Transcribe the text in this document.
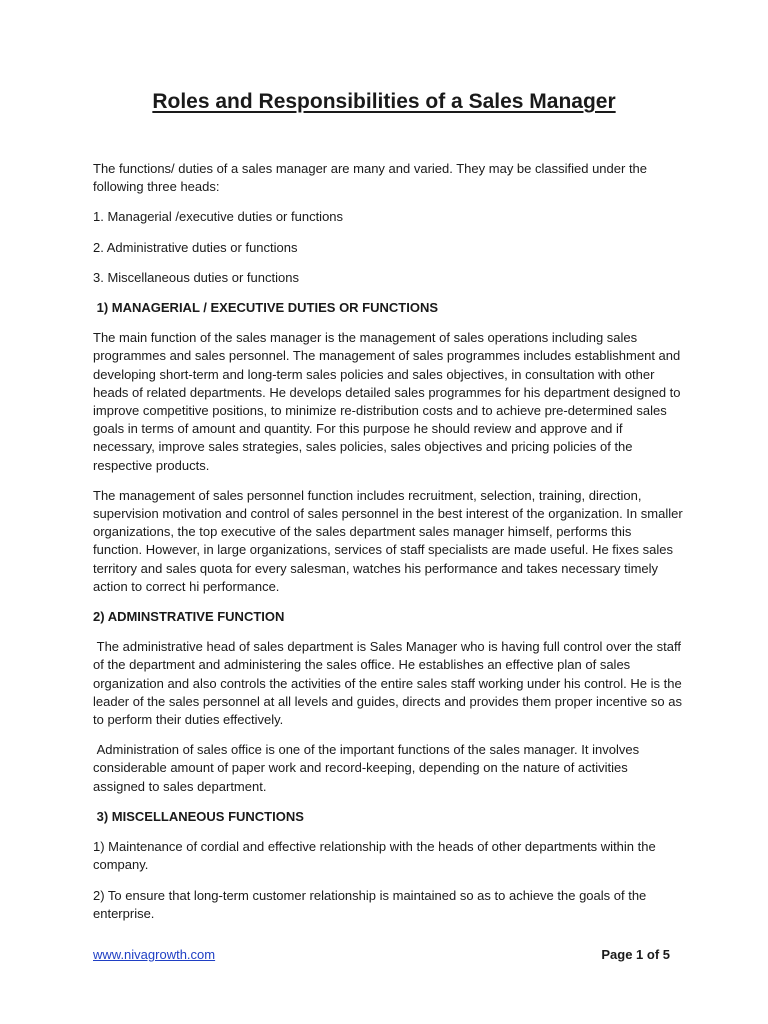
Roles and Responsibilities of a Sales Manager

The functions/ duties of a sales manager are many and varied. They may be classified under the following three heads:

1. Managerial /executive duties or functions

2. Administrative duties or functions

3. Miscellaneous duties or functions

1) MANAGERIAL / EXECUTIVE DUTIES OR FUNCTIONS

The main function of the sales manager is the management of sales operations including sales programmes and sales personnel. The management of sales programmes includes establishment and developing short-term and long-term sales policies and sales objectives, in consultation with other heads of related departments. He develops detailed sales programmes for his department designed to improve competitive positions, to minimize re-distribution costs and to achieve pre-determined sales goals in terms of amount and quantity. For this purpose he should review and approve and if necessary, improve sales strategies, sales policies, sales objectives and pricing policies of the respective products.

The management of sales personnel function includes recruitment, selection, training, direction, supervision motivation and control of sales personnel in the best interest of the organization. In smaller organizations, the top executive of the sales department sales manager himself, performs this function. However, in large organizations, services of staff specialists are made useful. He fixes sales territory and sales quota for every salesman, watches his performance and takes necessary timely action to correct hi performance.

2) ADMINSTRATIVE FUNCTION

The administrative head of sales department is Sales Manager who is having full control over the staff of the department and administering the sales office. He establishes an effective plan of sales organization and also controls the activities of the entire sales staff working under his control. He is the leader of the sales personnel at all levels and guides, directs and provides them proper incentive so as to perform their duties effectively.

Administration of sales office is one of the important functions of the sales manager. It involves considerable amount of paper work and record-keeping, depending on the nature of activities assigned to sales department.

3) MISCELLANEOUS FUNCTIONS

1) Maintenance of cordial and effective relationship with the heads of other departments within the company.

2) To ensure that long-term customer relationship is maintained so as to achieve the goals of the enterprise.

www.nivagrowth.com	Page 1 of 5
